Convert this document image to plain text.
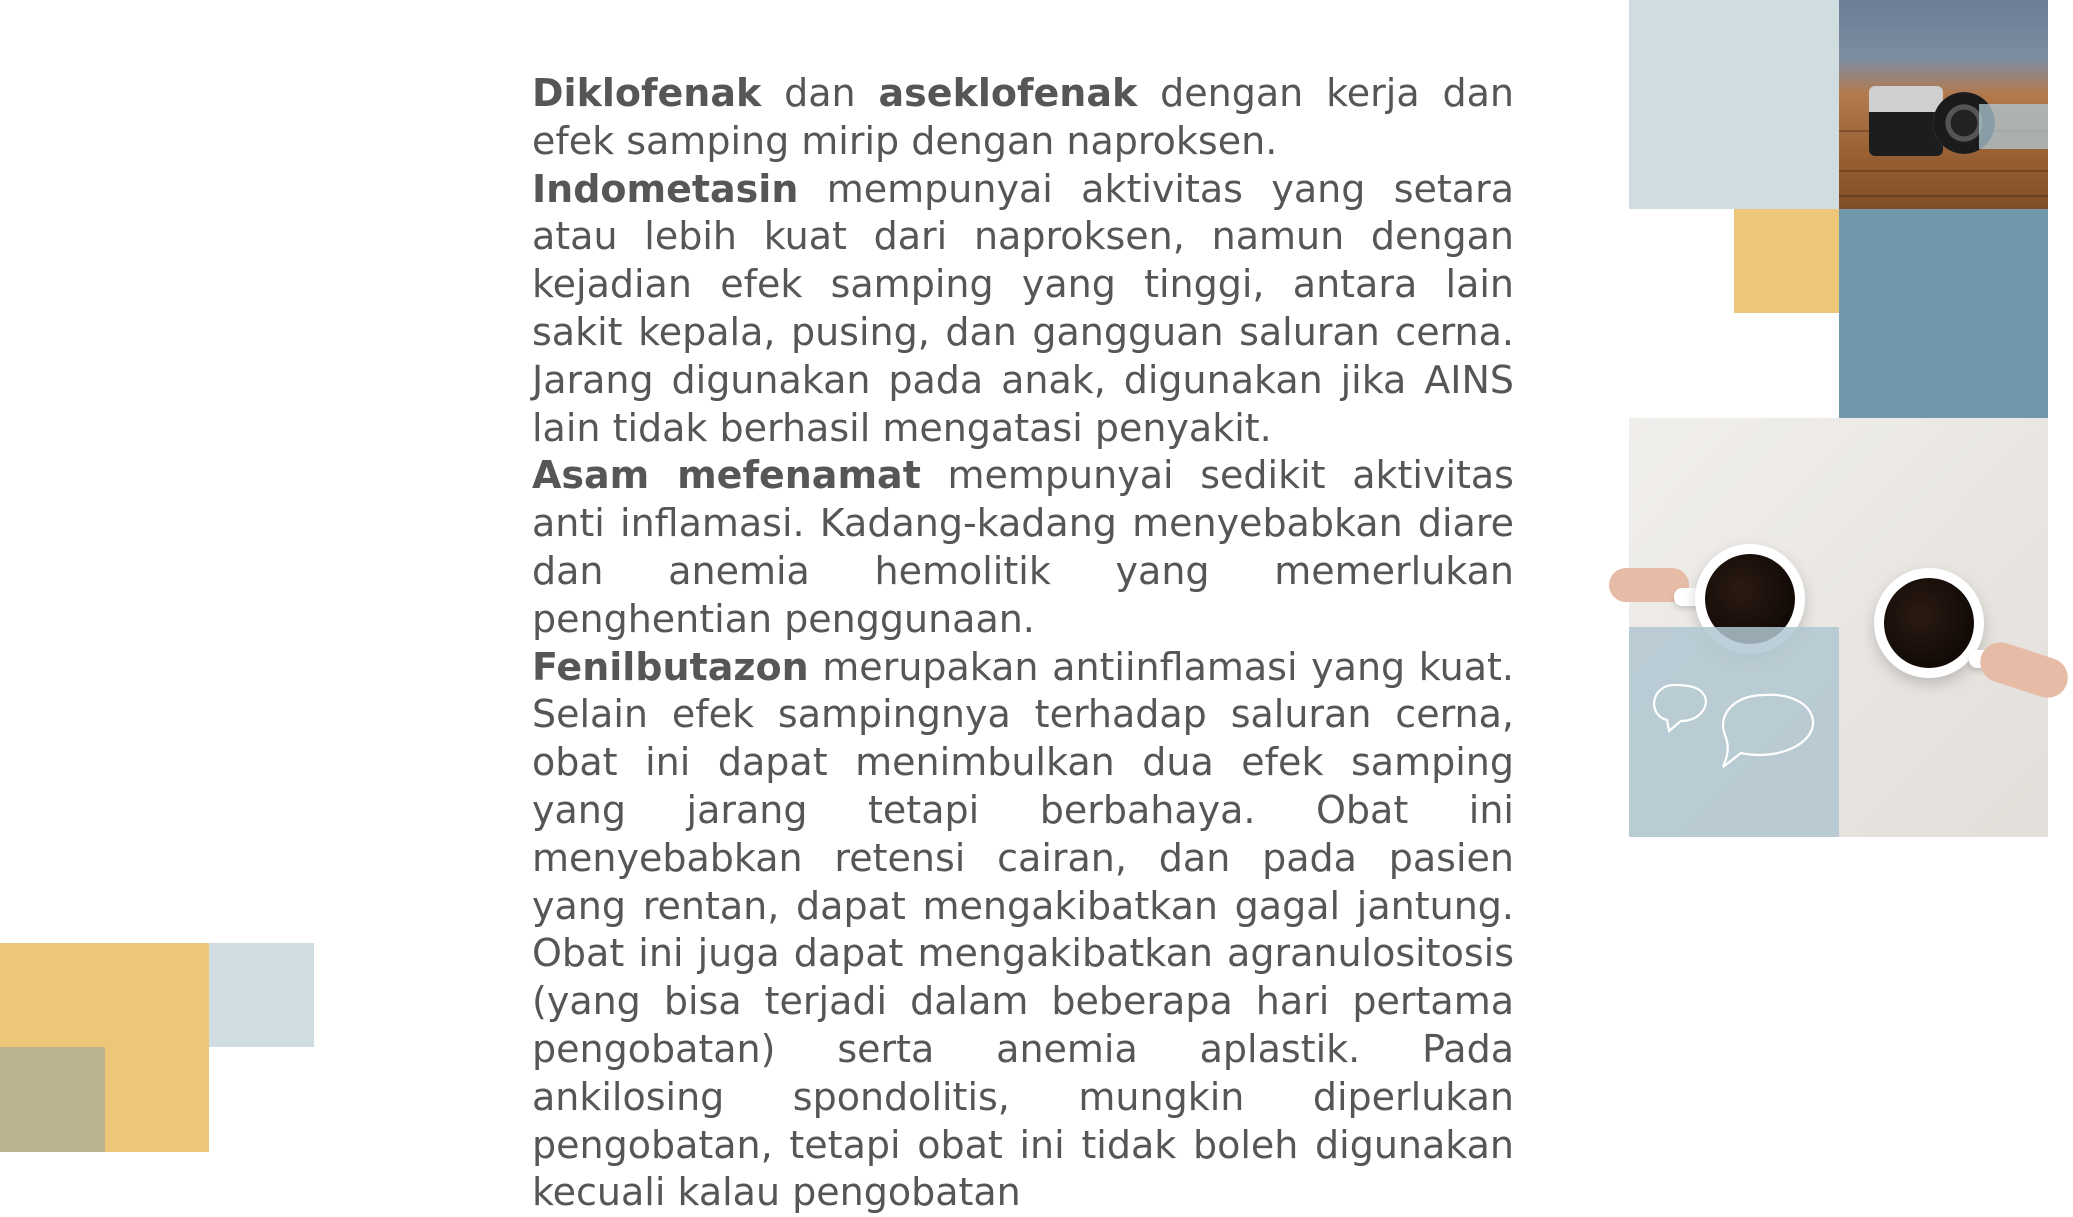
Diklofenak dan aseklofenak dengan kerja dan efek samping mirip dengan naproksen.

Indometasin mempunyai aktivitas yang setara atau lebih kuat dari naproksen, namun dengan kejadian efek samping yang tinggi, antara lain sakit kepala, pusing, dan gangguan saluran cerna. Jarang digunakan pada anak, digunakan jika AINS lain tidak berhasil mengatasi penyakit.

Asam mefenamat mempunyai sedikit aktivitas anti inflamasi. Kadang-kadang menyebabkan diare dan anemia hemolitik yang memerlukan penghentian penggunaan.

Fenilbutazon merupakan antiinflamasi yang kuat. Selain efek sampingnya terhadap saluran cerna, obat ini dapat menimbulkan dua efek samping yang jarang tetapi berbahaya. Obat ini menyebabkan retensi cairan, dan pada pasien yang rentan, dapat mengakibatkan gagal jantung. Obat ini juga dapat mengakibatkan agranulositosis (yang bisa terjadi dalam beberapa hari pertama pengobatan) serta anemia aplastik. Pada ankilosing spondolitis, mungkin diperlukan pengobatan, tetapi obat ini tidak boleh digunakan kecuali kalau pengobatan
